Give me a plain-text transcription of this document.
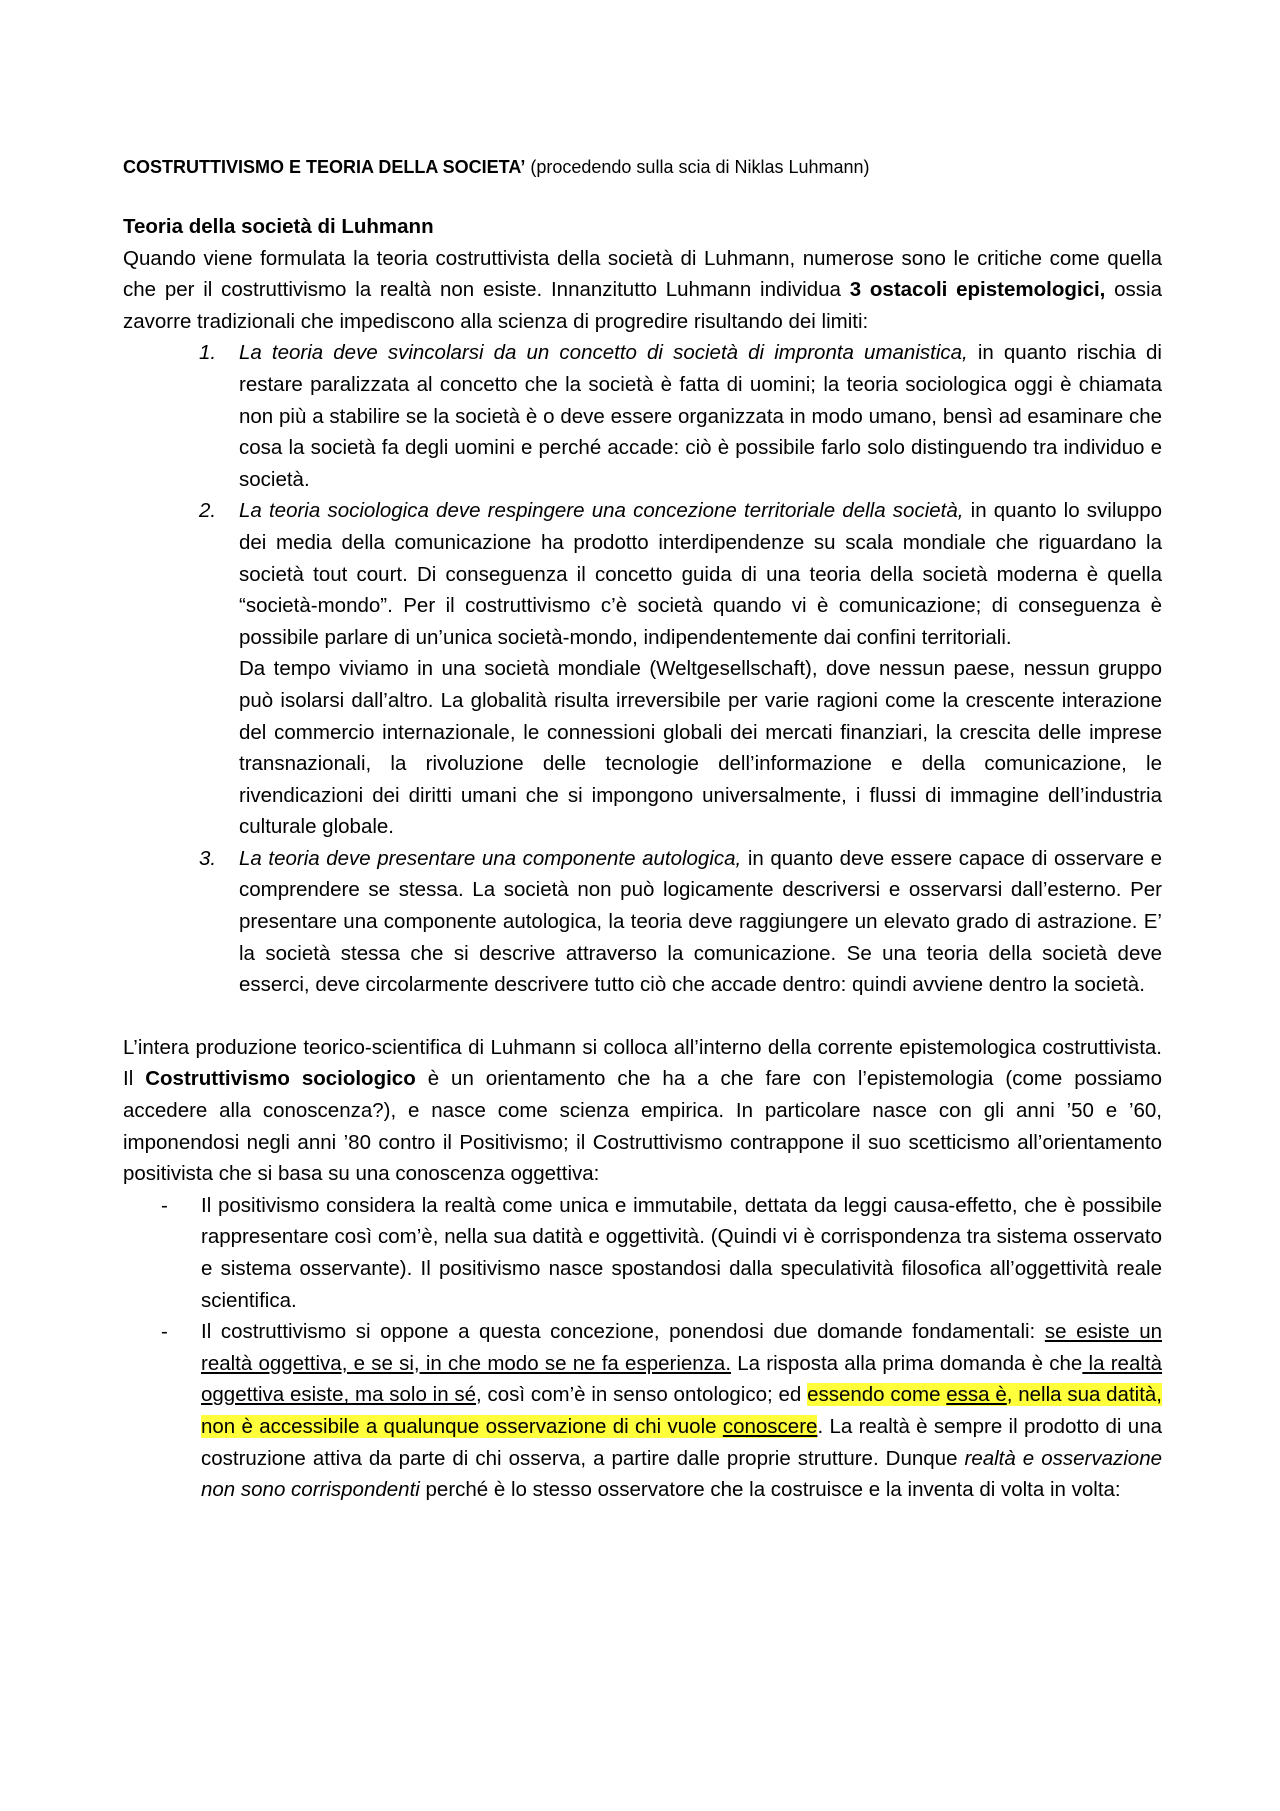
COSTRUTTIVISMO E TEORIA DELLA SOCIETA’ (procedendo sulla scia di Niklas Luhmann)

Teoria della società di Luhmann

Quando viene formulata la teoria costruttivista della società di Luhmann, numerose sono le critiche come quella che per il costruttivismo la realtà non esiste. Innanzitutto Luhmann individua 3 ostacoli epistemologici, ossia zavorre tradizionali che impediscono alla scienza di progredire risultando dei limiti:

1. La teoria deve svincolarsi da un concetto di società di impronta umanistica, in quanto rischia di restare paralizzata al concetto che la società è fatta di uomini; la teoria sociologica oggi è chiamata non più a stabilire se la società è o deve essere organizzata in modo umano, bensì ad esaminare che cosa la società fa degli uomini e perché accade: ciò è possibile farlo solo distinguendo tra individuo e società.
2. La teoria sociologica deve respingere una concezione territoriale della società, in quanto lo sviluppo dei media della comunicazione ha prodotto interdipendenze su scala mondiale che riguardano la società tout court. Di conseguenza il concetto guida di una teoria della società moderna è quella “società-mondo”. Per il costruttivismo c’è società quando vi è comunicazione; di conseguenza è possibile parlare di un’unica società-mondo, indipendentemente dai confini territoriali.

Da tempo viviamo in una società mondiale (Weltgesellschaft), dove nessun paese, nessun gruppo può isolarsi dall’altro. La globalità risulta irreversibile per varie ragioni come la crescente interazione del commercio internazionale, le connessioni globali dei mercati finanziari, la crescita delle imprese transnazionali, la rivoluzione delle tecnologie dell’informazione e della comunicazione, le rivendicazioni dei diritti umani che si impongono universalmente, i flussi di immagine dell’industria culturale globale.

3. La teoria deve presentare una componente autologica, in quanto deve essere capace di osservare e comprendere se stessa. La società non può logicamente descriversi e osservarsi dall’esterno. Per presentare una componente autologica, la teoria deve raggiungere un elevato grado di astrazione. E’ la società stessa che si descrive attraverso la comunicazione. Se una teoria della società deve esserci, deve circolarmente descrivere tutto ciò che accade dentro: quindi avviene dentro la società.

L’intera produzione teorico-scientifica di Luhmann si colloca all’interno della corrente epistemologica costruttivista. Il Costruttivismo sociologico è un orientamento che ha a che fare con l’epistemologia (come possiamo accedere alla conoscenza?), e nasce come scienza empirica. In particolare nasce con gli anni ’50 e ’60, imponendosi negli anni ’80 contro il Positivismo; il Costruttivismo contrappone il suo scetticismo all’orientamento positivista che si basa su una conoscenza oggettiva:

- Il positivismo considera la realtà come unica e immutabile, dettata da leggi causa-effetto, che è possibile rappresentare così com’è, nella sua datità e oggettività. (Quindi vi è corrispondenza tra sistema osservato e sistema osservante). Il positivismo nasce spostandosi dalla speculatività filosofica all’oggettività reale scientifica.
- Il costruttivismo si oppone a questa concezione, ponendosi due domande fondamentali: se esiste un realtà oggettiva, e se si, in che modo se ne fa esperienza. La risposta alla prima domanda è che la realtà oggettiva esiste, ma solo in sé, così com’è in senso ontologico; ed essendo come essa è, nella sua datità, non è accessibile a qualunque osservazione di chi vuole conoscere. La realtà è sempre il prodotto di una costruzione attiva da parte di chi osserva, a partire dalle proprie strutture. Dunque realtà e osservazione non sono corrispondenti perché è lo stesso osservatore che la costruisce e la inventa di volta in volta:
